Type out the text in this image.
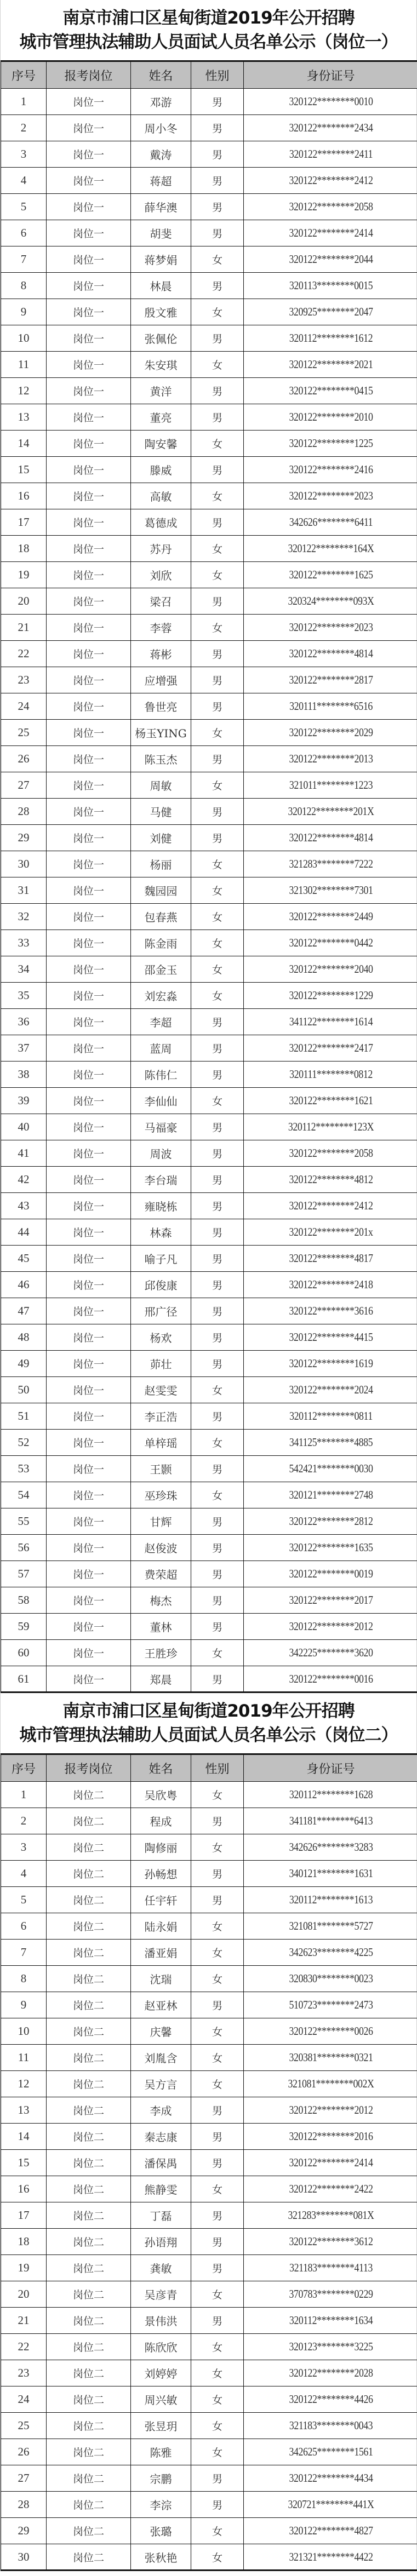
南京市浦口区星甸街道2019年公开招聘
城市管理执法辅助人员面试人员名单公示（岗位一）
序号	报考岗位	姓名	性别	身份证号
1	岗位一	邓游	男	320122********0010
2	岗位一	周小冬	男	320122********2434
3	岗位一	戴涛	男	320122********2411
4	岗位一	蒋超	男	320122********2412
5	岗位一	薛华澳	男	320122********2058
6	岗位一	胡斐	男	320122********2414
7	岗位一	蒋梦娟	女	320122********2044
8	岗位一	林晨	男	320113********0015
9	岗位一	殷文雅	女	320925********2047
10	岗位一	张佩伦	男	320112********1612
11	岗位一	朱安琪	女	320122********2021
12	岗位一	黄洋	男	320122********0415
13	岗位一	董亮	男	320122********2010
14	岗位一	陶安馨	女	320122********1225
15	岗位一	滕威	男	320122********2416
16	岗位一	高敏	女	320122********2023
17	岗位一	葛德成	男	342626********6411
18	岗位一	苏丹	女	320122********164X
19	岗位一	刘欣	女	320122********1625
20	岗位一	梁召	男	320324********093X
21	岗位一	李蓉	女	320122********2023
22	岗位一	蒋彬	男	320122********4814
23	岗位一	应增强	男	320122********2817
24	岗位一	鲁世亮	男	320111********6516
25	岗位一	杨玉YING	女	320122********2029
26	岗位一	陈玉杰	男	320122********2013
27	岗位一	周敏	女	321011********1223
28	岗位一	马健	男	320122********201X
29	岗位一	刘健	男	320122********4814
30	岗位一	杨丽	女	321283********7222
31	岗位一	魏园园	女	321302********7301
32	岗位一	包春燕	女	320122********2449
33	岗位一	陈金雨	女	320122********0442
34	岗位一	邵金玉	女	320122********2040
35	岗位一	刘宏淼	女	320122********1229
36	岗位一	李超	男	341122********1614
37	岗位一	蓝周	男	320122********2417
38	岗位一	陈伟仁	男	320111********0812
39	岗位一	李仙仙	女	320122********1621
40	岗位一	马福豪	男	320112********123X
41	岗位一	周波	男	320122********2058
42	岗位一	李台瑞	男	320122********4812
43	岗位一	雍晓栋	男	320122********2412
44	岗位一	林森	男	320122********201x
45	岗位一	喻子凡	男	320122********4817
46	岗位一	邱俊康	男	320122********2418
47	岗位一	邢广径	男	320122********3616
48	岗位一	杨欢	男	320122********4415
49	岗位一	茆壮	男	320122********1619
50	岗位一	赵雯雯	女	320122********2024
51	岗位一	李正浩	男	320112********0811
52	岗位一	单梓瑶	女	341125********4885
53	岗位一	王颢	男	542421********0030
54	岗位一	巫珍珠	女	320121********2748
55	岗位一	甘辉	男	320122********2812
56	岗位一	赵俊波	男	320122********1635
57	岗位一	费荣超	男	320122********0019
58	岗位一	梅杰	男	320122********2017
59	岗位一	董林	男	320122********2012
60	岗位一	王胜珍	女	342225********3620
61	岗位一	郑晨	男	320122********0016
南京市浦口区星甸街道2019年公开招聘
城市管理执法辅助人员面试人员名单公示（岗位二）
序号	报考岗位	姓名	性别	身份证号
1	岗位二	吴欣粤	女	320112********1628
2	岗位二	程成	男	341181********6413
3	岗位二	陶修丽	女	342626********3283
4	岗位二	孙畅想	男	340121********1631
5	岗位二	任宇轩	男	320112********1613
6	岗位二	陆永娟	女	321081********5727
7	岗位二	潘亚娟	女	342623********4225
8	岗位二	沈瑞	女	320830********0023
9	岗位二	赵亚林	男	510723********2473
10	岗位二	庆馨	女	320122********0026
11	岗位二	刘胤含	女	320381********0321
12	岗位二	吴方言	女	321081********002X
13	岗位二	李成	男	320122********2012
14	岗位二	秦志康	男	320122********2016
15	岗位二	潘保禺	男	320122********2414
16	岗位二	熊静雯	女	320122********2422
17	岗位二	丁磊	男	321283********081X
18	岗位二	孙语翔	男	320122********3612
19	岗位二	龚敏	男	321183********4113
20	岗位二	吴彦青	女	370783********0229
21	岗位二	景伟洪	男	320112********1634
22	岗位二	陈欣欣	女	320123********3225
23	岗位二	刘婷婷	女	320122********2028
24	岗位二	周兴敏	女	320122********4426
25	岗位二	张昱玥	女	321183********0043
26	岗位二	陈雅	女	342625********1561
27	岗位二	宗鹏	男	320122********4434
28	岗位二	李淙	男	320721********441X
29	岗位二	张璐	女	320122********4827
30	岗位二	张秋艳	女	321321********4422
